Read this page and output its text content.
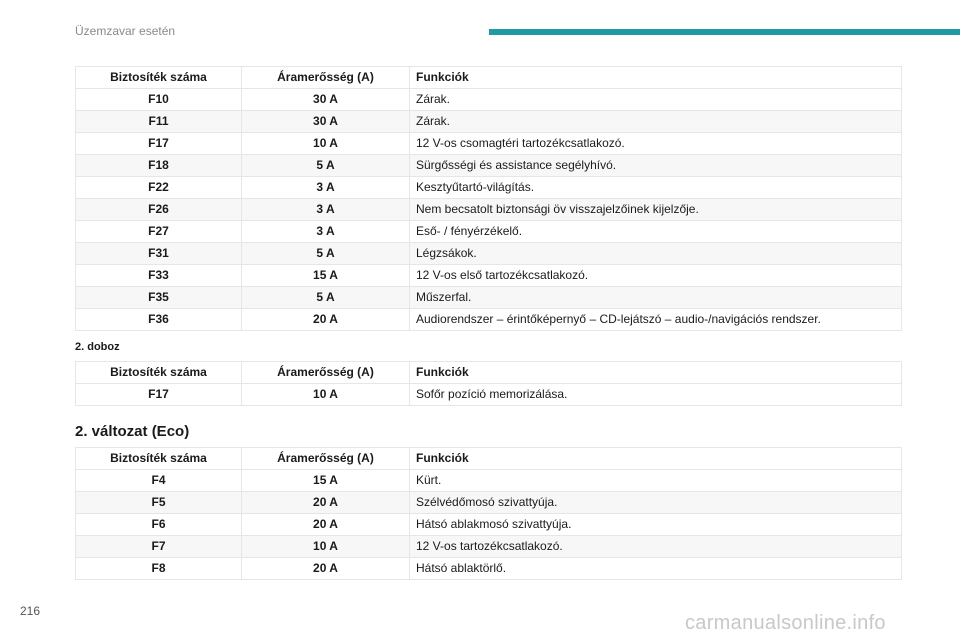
Üzemzavar esetén
Biztosíték száma	Áramerősség (A)	Funkciók
F10	30 A	Zárak.
F11	30 A	Zárak.
F17	10 A	12 V-os csomagtéri tartozékcsatlakozó.
F18	5 A	Sürgősségi és assistance segélyhívó.
F22	3 A	Kesztyűtartó-világítás.
F26	3 A	Nem becsatolt biztonsági öv visszajelzőinek kijelzője.
F27	3 A	Eső- / fényérzékelő.
F31	5 A	Légzsákok.
F33	15 A	12 V-os első tartozékcsatlakozó.
F35	5 A	Műszerfal.
F36	20 A	Audiorendszer – érintőképernyő – CD-lejátszó – audio-/navigációs rendszer.
2. doboz
Biztosíték száma	Áramerősség (A)	Funkciók
F17	10 A	Sofőr pozíció memorizálása.
2. változat (Eco)
Biztosíték száma	Áramerősség (A)	Funkciók
F4	15 A	Kürt.
F5	20 A	Szélvédőmosó szivattyúja.
F6	20 A	Hátsó ablakmosó szivattyúja.
F7	10 A	12 V-os tartozékcsatlakozó.
F8	20 A	Hátsó ablaktörlő.
216
carmanualsonline.info
